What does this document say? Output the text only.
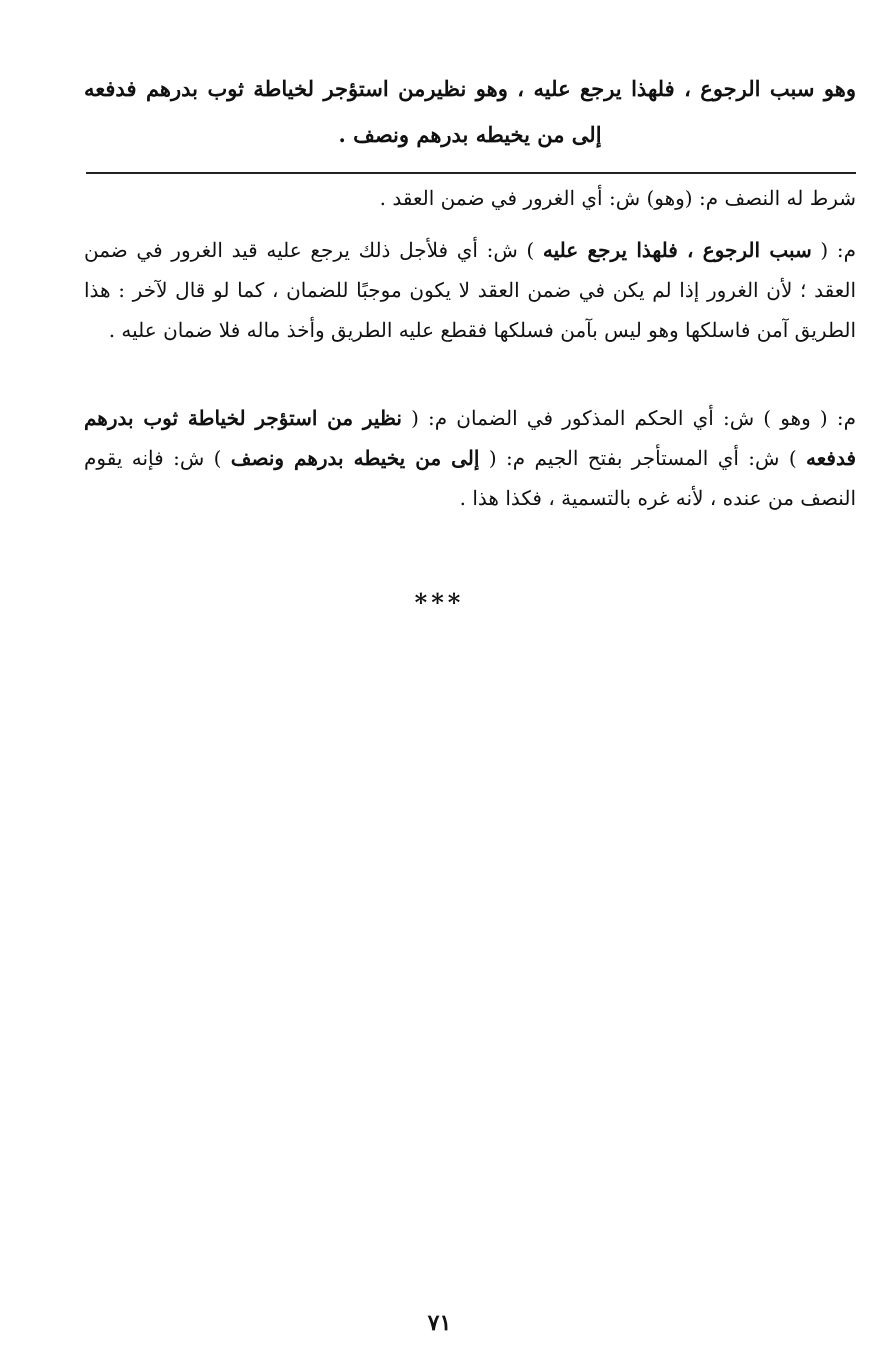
وهو سبب الرجوع ، فلهذا يرجع عليه ، وهو نظيرمن استؤجر لخياطة ثوب بدرهم فدفعه إلى من يخيطه بدرهم ونصف .
شرط له النصف م: (وهو) ش: أي الغرور في ضمن العقد .
م: ( سبب الرجوع ، فلهذا يرجع عليه ) ش: أي فلأجل ذلك يرجع عليه قيد الغرور في ضمن العقد ؛ لأن الغرور إذا لم يكن في ضمن العقد لا يكون موجبًا للضمان ، كما لو قال لآخر : هذا الطريق آمن فاسلكها وهو ليس بآمن فسلكها فقطع عليه الطريق وأخذ ماله فلا ضمان عليه .
م: ( وهو ) ش: أي الحكم المذكور في الضمان م: ( نظير من استؤجر لخياطة ثوب بدرهم فدفعه ) ش: أي المستأجر بفتح الجيم م: ( إلى من يخيطه بدرهم ونصف ) ش: فإنه يقوم النصف من عنده ، لأنه غره بالتسمية ، فكذا هذا .
***
٧١
